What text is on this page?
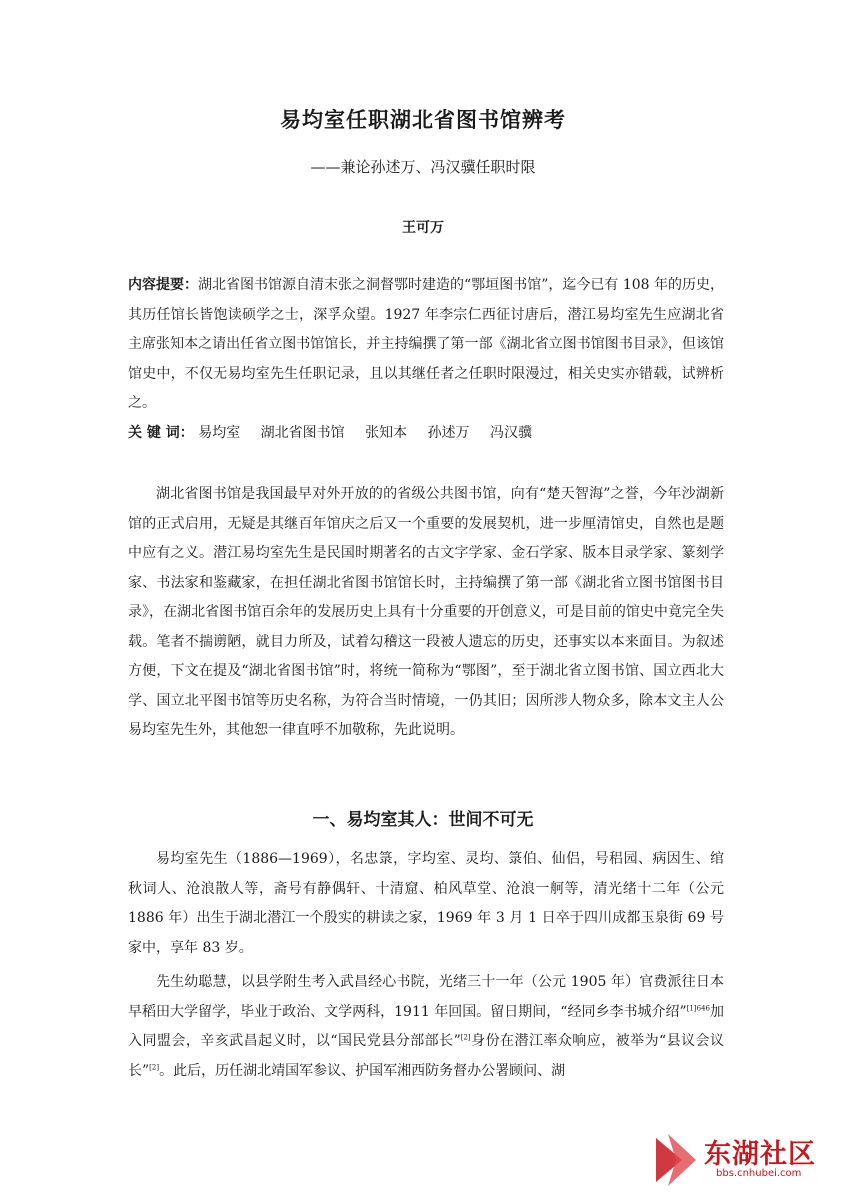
易均室任职湖北省图书馆辨考
——兼论孙述万、冯汉骥任职时限
王可万
内容提要：湖北省图书馆源自清末张之洞督鄂时建造的“鄂垣图书馆”，迄今已有 108 年的历史，其历任馆长皆饱读硕学之士，深孚众望。1927 年李宗仁西征讨唐后，潜江易均室先生应湖北省主席张知本之请出任省立图书馆馆长，并主持编撰了第一部《湖北省立图书馆图书目录》，但该馆馆史中，不仅无易均室先生任职记录，且以其继任者之任职时限漫过，相关史实亦错载，试辨析之。
关 键 词： 易均室 湖北省图书馆 张知本 孙述万 冯汉骥

湖北省图书馆是我国最早对外开放的的省级公共图书馆，向有“楚天智海”之誉，今年沙湖新馆的正式启用，无疑是其继百年馆庆之后又一个重要的发展契机，进一步厘清馆史，自然也是题中应有之义。潜江易均室先生是民国时期著名的古文字学家、金石学家、版本目录学家、篆刻学家、书法家和鉴藏家，在担任湖北省图书馆馆长时，主持编撰了第一部《湖北省立图书馆图书目录》，在湖北省图书馆百余年的发展历史上具有十分重要的开创意义，可是目前的馆史中竟完全失载。笔者不揣谫陋，就目力所及，试着勾稽这一段被人遗忘的历史，还事实以本来面目。为叙述方便，下文在提及“湖北省图书馆”时，将统一简称为“鄂图”，至于湖北省立图书馆、国立西北大学、国立北平图书馆等历史名称，为符合当时情境，一仍其旧；因所涉人物众多，除本文主人公易均室先生外，其他恕一律直呼不加敬称，先此说明。

一、易均室其人：世间不可无

易均室先生（1886—1969），名忠箓，字均室、灵均、箓伯、仙侣，号稆园、病因生、绾秋词人、沧浪散人等，斋号有静偶轩、十清窟、柏风草堂、沧浪一舸等，清光绪十二年（公元 1886 年）出生于湖北潜江一个殷实的耕读之家，1969 年 3 月 1 日卒于四川成都玉泉街 69 号家中，享年 83 岁。

先生幼聪慧，以县学附生考入武昌经心书院，光绪三十一年（公元 1905 年）官费派往日本早稻田大学留学，毕业于政治、文学两科，1911 年回国。留日期间，“经同乡李书城介绍”$^{[1]646}$加入同盟会，辛亥武昌起义时，以“国民党县分部部长”[2]身份在潜江率众响应，被举为“县议会议长”[2]。此后，历任湖北靖国军参议、护国军湘西防务督办公署顾问、湖

东湖社区
bbs.cnhubei.com
